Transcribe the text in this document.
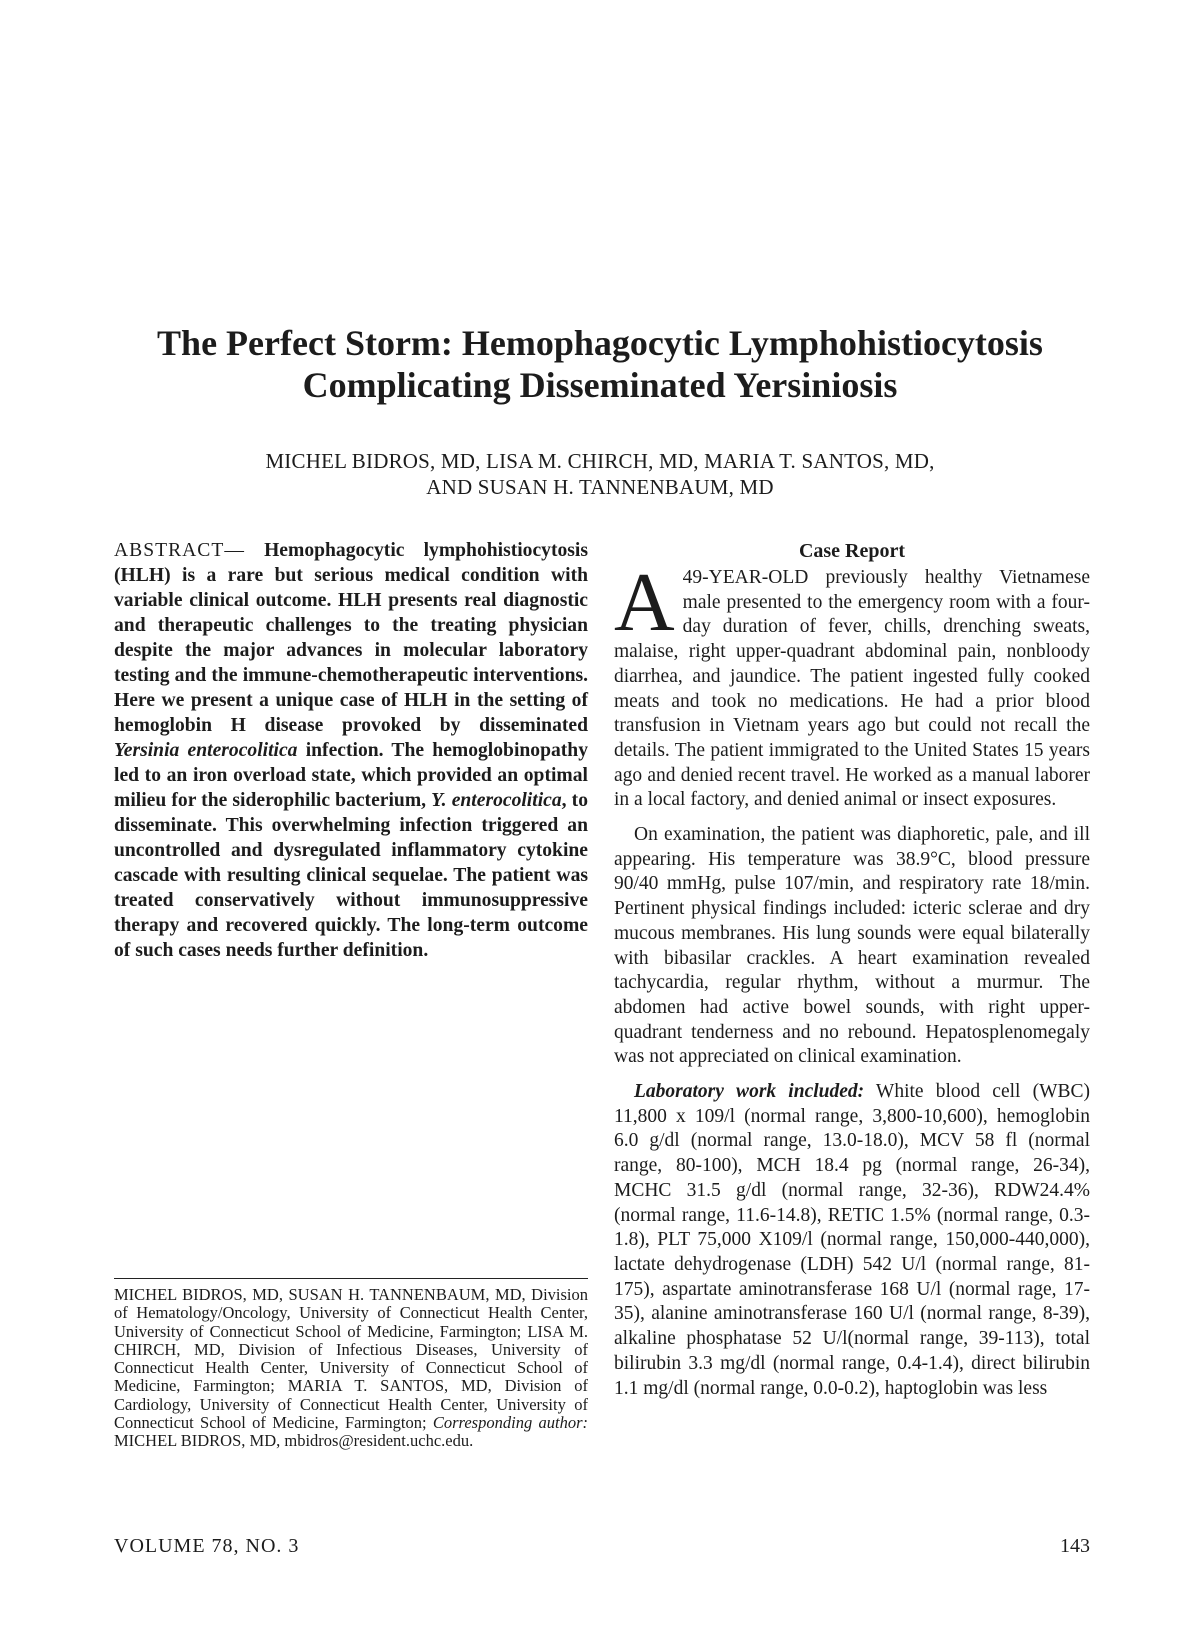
The Perfect Storm: Hemophagocytic Lymphohistiocytosis
Complicating Disseminated Yersiniosis
MICHEL BIDROS, MD, LISA M. CHIRCH, MD, MARIA T. SANTOS, MD,
AND SUSAN H. TANNENBAUM, MD

ABSTRACT— Hemophagocytic lymphohistiocytosis (HLH) is a rare but serious medical condition with variable clinical outcome. HLH presents real diagnostic and therapeutic challenges to the treating physician despite the major advances in molecular laboratory testing and the immune-chemotherapeutic interventions. Here we present a unique case of HLH in the setting of hemoglobin H disease provoked by disseminated Yersinia enterocolitica infection. The hemoglobinopathy led to an iron overload state, which provided an optimal milieu for the siderophilic bacterium, Y. enterocolitica, to disseminate. This overwhelming infection triggered an uncontrolled and dysregulated inflammatory cytokine cascade with resulting clinical sequelae. The patient was treated conservatively without immunosuppressive therapy and recovered quickly. The long-term outcome of such cases needs further definition.

MICHEL BIDROS, MD, SUSAN H. TANNENBAUM, MD, Division of Hematology/Oncology, University of Connecticut Health Center, University of Connecticut School of Medicine, Farmington; LISA M. CHIRCH, MD, Division of Infectious Diseases, University of Connecticut Health Center, University of Connecticut School of Medicine, Farmington; MARIA T. SANTOS, MD, Division of Cardiology, University of Connecticut Health Center, University of Connecticut School of Medicine, Farmington; Corresponding author: MICHEL BIDROS, MD, mbidros@resident.uchc.edu.

Case Report

A 49-YEAR-OLD previously healthy Vietnamese male presented to the emergency room with a four-day duration of fever, chills, drenching sweats, malaise, right upper-quadrant abdominal pain, nonbloody diarrhea, and jaundice. The patient ingested fully cooked meats and took no medications. He had a prior blood transfusion in Vietnam years ago but could not recall the details. The patient immigrated to the United States 15 years ago and denied recent travel. He worked as a manual laborer in a local factory, and denied animal or insect exposures.

On examination, the patient was diaphoretic, pale, and ill appearing. His temperature was 38.9°C, blood pressure 90/40 mmHg, pulse 107/min, and respiratory rate 18/min. Pertinent physical findings included: icteric sclerae and dry mucous membranes. His lung sounds were equal bilaterally with bibasilar crackles. A heart examination revealed tachycardia, regular rhythm, without a murmur. The abdomen had active bowel sounds, with right upper-quadrant tenderness and no rebound. Hepatosplenomegaly was not appreciated on clinical examination.

Laboratory work included: White blood cell (WBC) 11,800 x 109/l (normal range, 3,800-10,600), hemoglobin 6.0 g/dl (normal range, 13.0-18.0), MCV 58 fl (normal range, 80-100), MCH 18.4 pg (normal range, 26-34), MCHC 31.5 g/dl (normal range, 32-36), RDW24.4% (normal range, 11.6-14.8), RETIC 1.5% (normal range, 0.3-1.8), PLT 75,000 X109/l (normal range, 150,000-440,000), lactate dehydrogenase (LDH) 542 U/l (normal range, 81-175), aspartate aminotransferase 168 U/l (normal rage, 17-35), alanine aminotransferase 160 U/l (normal range, 8-39), alkaline phosphatase 52 U/l(normal range, 39-113), total bilirubin 3.3 mg/dl (normal range, 0.4-1.4), direct bilirubin 1.1 mg/dl (normal range, 0.0-0.2), haptoglobin was less

VOLUME 78, NO. 3	143
